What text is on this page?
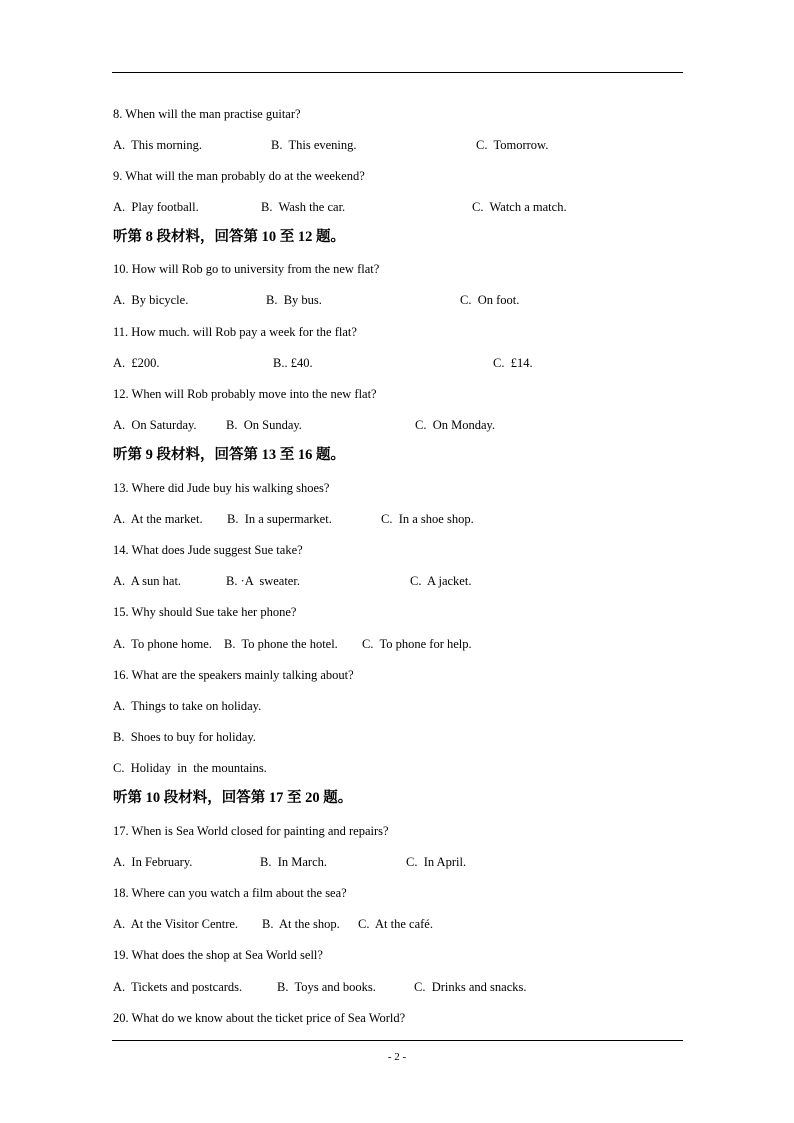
8. When will the man practise guitar?
A.  This morning.	B.  This evening.	C.  Tomorrow.
9. What will the man probably do at the weekend?
A.  Play football.	B.  Wash the car.	C.  Watch a match.
听第 8 段材料，回答第 10 至 12 题。
10. How will Rob go to university from the new flat?
A.  By bicycle.	B.  By bus.	C.  On foot.
11. How much. will Rob pay a week for the flat?
A.  £200.	B.. £40.	C.  £14.
12. When will Rob probably move into the new flat?
A.  On Saturday. B.  On Sunday.	C.  On Monday.
听第 9 段材料，回答第 13 至 16 题。
13. Where did Jude buy his walking shoes?
A.  At the market. B.  In a supermarket.	C.  In a shoe shop.
14. What does Jude suggest Sue take?
A.  A sun hat.	B. ·A  sweater.	C.  A jacket.
15. Why should Sue take her phone?
A.  To phone home. B.  To phone the hotel. C.  To phone for help.
16. What are the speakers mainly talking about?
A.  Things to take on holiday.
B.  Shoes to buy for holiday.
C.  Holiday  in  the mountains.
听第 10 段材料，回答第 17 至 20 题。
17. When is Sea World closed for painting and repairs?
A.  In February.	B.  In March.	C.  In April.
18. Where can you watch a film about the sea?
A.  At the Visitor Centre. B.  At the shop. C.  At the café.
19. What does the shop at Sea World sell?
A.  Tickets and postcards.	B.  Toys and books.	C.  Drinks and snacks.
20. What do we know about the ticket price of Sea World?
- 2 -
